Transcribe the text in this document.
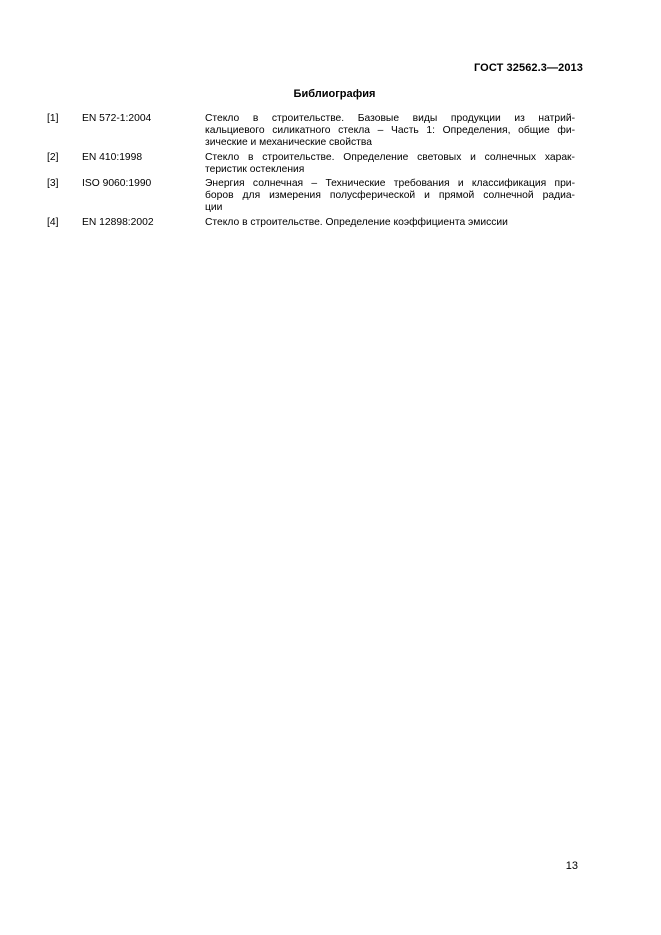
ГОСТ 32562.3—2013
Библиография
[1]	EN 572-1:2004	Стекло в строительстве. Базовые виды продукции из натрий-
кальциевого силикатного стекла – Часть 1: Определения, общие фи-
зические и механические свойства
[2]	EN 410:1998	Стекло в строительстве. Определение световых и солнечных харак-
теристик остекления
[3]	ISO 9060:1990	Энергия солнечная – Технические требования и классификация при-
боров для измерения полусферической и прямой солнечной радиа-
ции
[4]	EN 12898:2002	Стекло в строительстве. Определение коэффициента эмиссии
13
